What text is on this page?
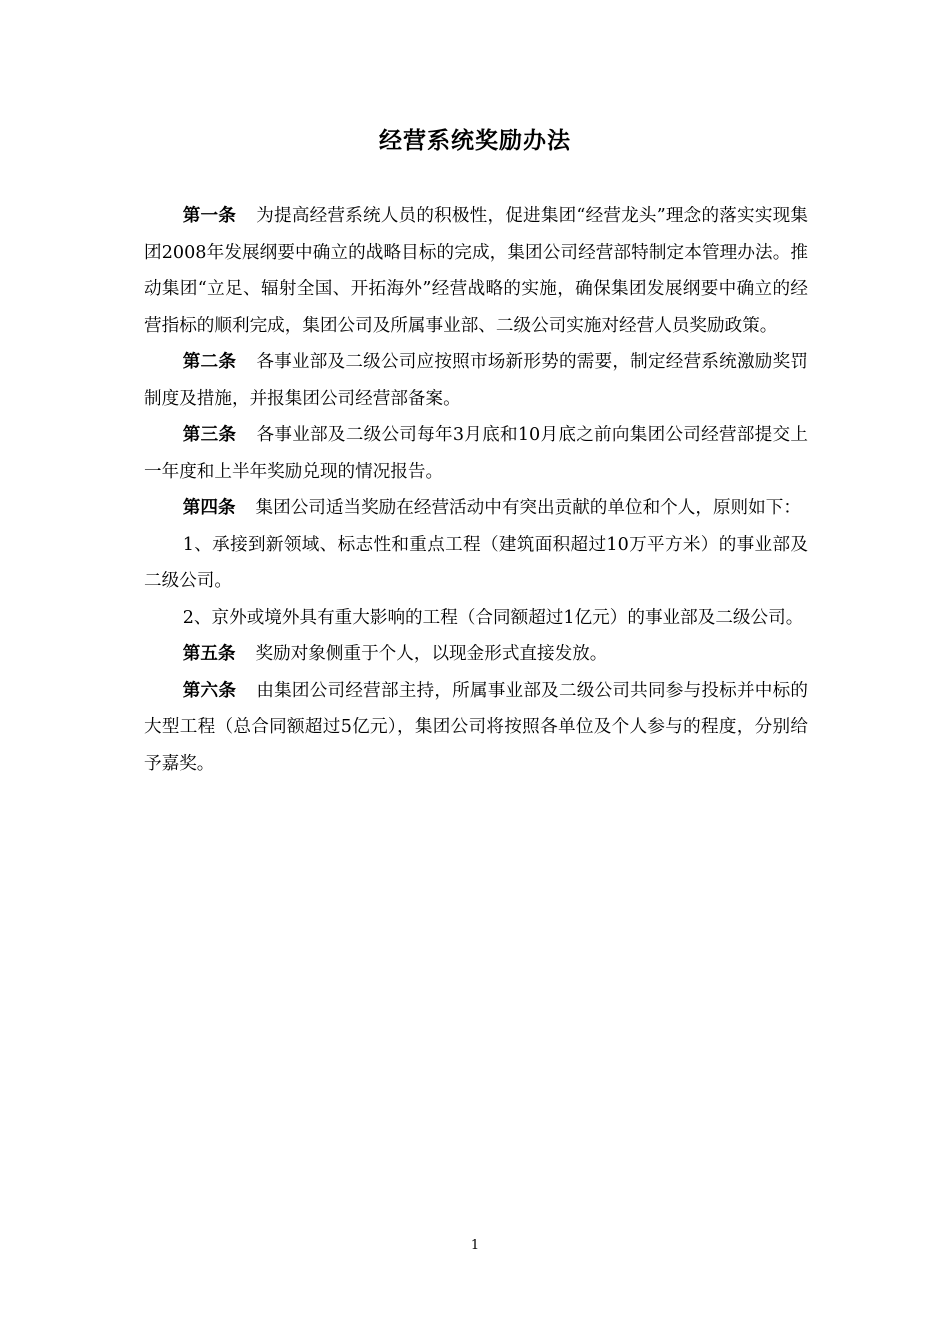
经营系统奖励办法

第一条 为提高经营系统人员的积极性，促进集团“经营龙头”理念的落实实现集团2008年发展纲要中确立的战略目标的完成，集团公司经营部特制定本管理办法。推动集团“立足、辐射全国、开拓海外”经营战略的实施，确保集团发展纲要中确立的经营指标的顺利完成，集团公司及所属事业部、二级公司实施对经营人员奖励政策。

第二条 各事业部及二级公司应按照市场新形势的需要，制定经营系统激励奖罚制度及措施，并报集团公司经营部备案。

第三条 各事业部及二级公司每年3月底和10月底之前向集团公司经营部提交上一年度和上半年奖励兑现的情况报告。

第四条 集团公司适当奖励在经营活动中有突出贡献的单位和个人，原则如下：

1、承接到新领域、标志性和重点工程（建筑面积超过10万平方米）的事业部及二级公司。

2、京外或境外具有重大影响的工程（合同额超过1亿元）的事业部及二级公司。

第五条 奖励对象侧重于个人，以现金形式直接发放。

第六条 由集团公司经营部主持，所属事业部及二级公司共同参与投标并中标的大型工程（总合同额超过5亿元），集团公司将按照各单位及个人参与的程度，分别给予嘉奖。

1
